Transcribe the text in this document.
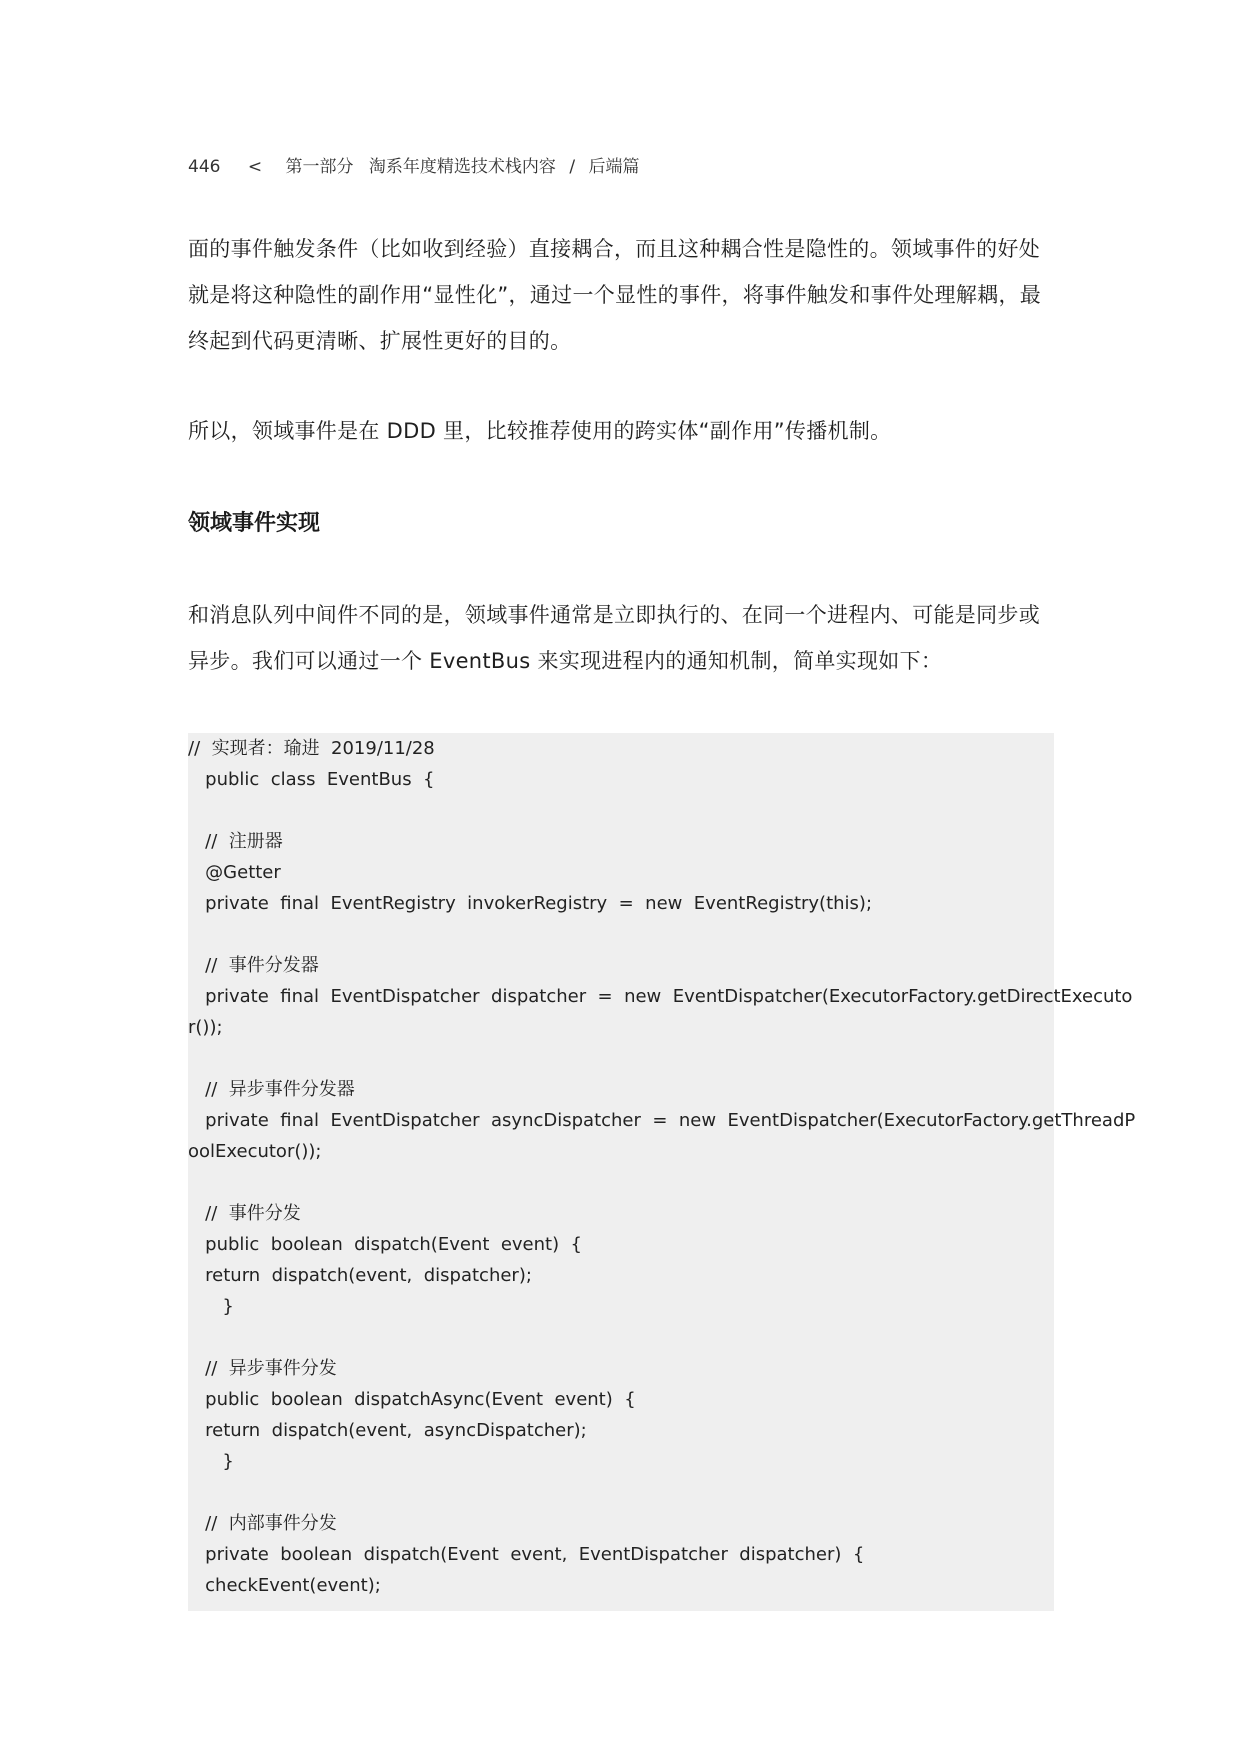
446 < 第一部分 淘系年度精选技术栈内容 / 后端篇
面的事件触发条件（比如收到经验）直接耦合，而且这种耦合性是隐性的。领域事件的好处
就是将这种隐性的副作用“显性化”，通过一个显性的事件，将事件触发和事件处理解耦，最
终起到代码更清晰、扩展性更好的目的。
所以，领域事件是在 DDD 里，比较推荐使用的跨实体“副作用”传播机制。
领域事件实现
和消息队列中间件不同的是，领域事件通常是立即执行的、在同一个进程内、可能是同步或
异步。我们可以通过一个 EventBus 来实现进程内的通知机制，简单实现如下：
//  实现者：瑜进  2019/11/28
public  class  EventBus  {
//  注册器
@Getter
private  final  EventRegistry  invokerRegistry  =  new  EventRegistry(this);
//  事件分发器
private  final  EventDispatcher  dispatcher  =  new  EventDispatcher(ExecutorFactory.getDirectExecuto
r());
//  异步事件分发器
private  final  EventDispatcher  asyncDispatcher  =  new  EventDispatcher(ExecutorFactory.getThreadP
oolExecutor());
//  事件分发
public  boolean  dispatch(Event  event)  {
return  dispatch(event,  dispatcher);
}
//  异步事件分发
public  boolean  dispatchAsync(Event  event)  {
return  dispatch(event,  asyncDispatcher);
}
//  内部事件分发
private  boolean  dispatch(Event  event,  EventDispatcher  dispatcher)  {
checkEvent(event);
